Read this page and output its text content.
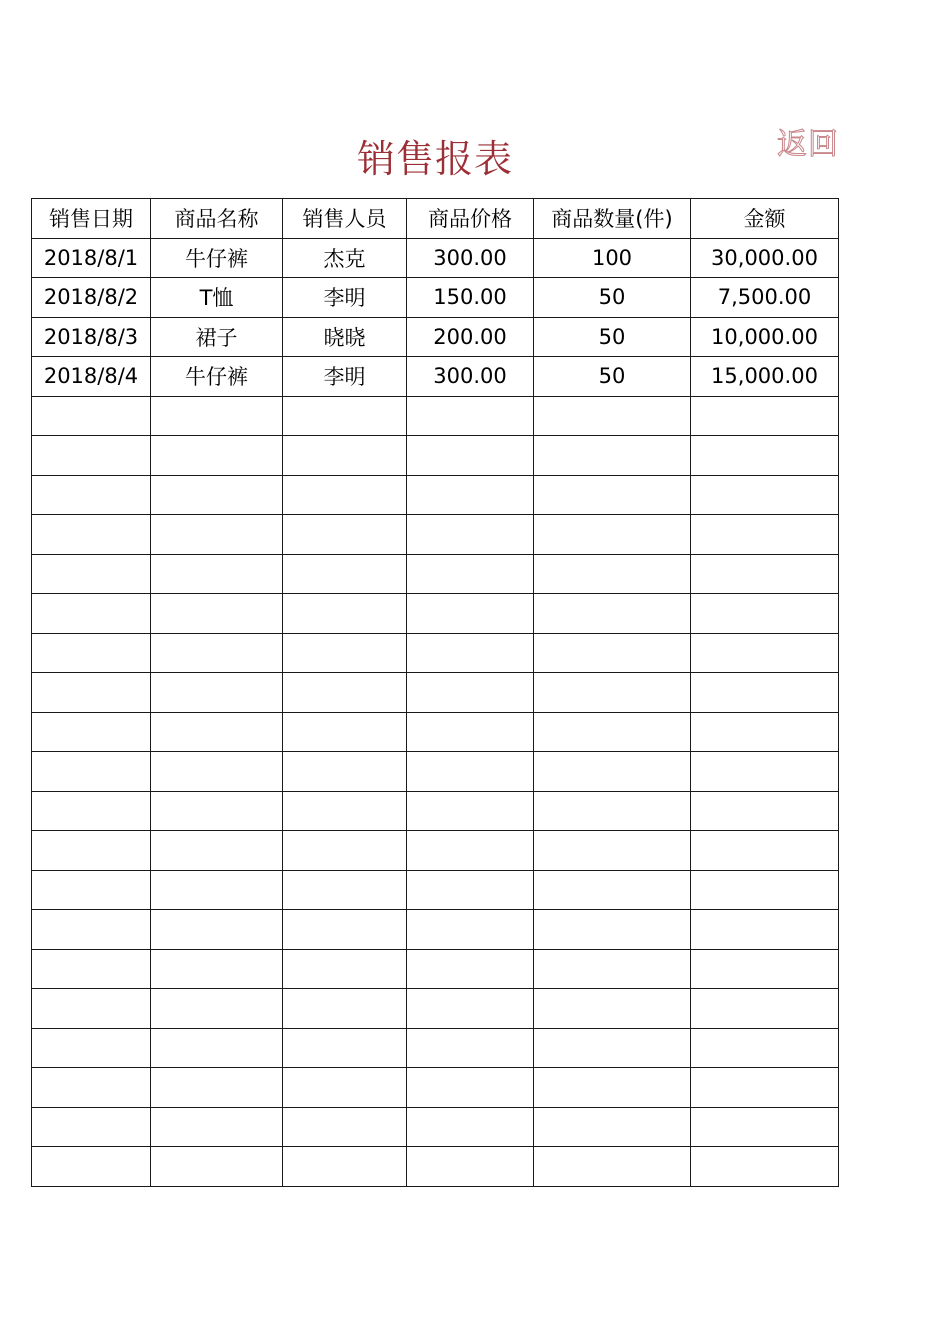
销售报表	返回
销售日期	商品名称	销售人员	商品价格	商品数量(件)	金额
2018/8/1	牛仔裤	杰克	300.00	100	30,000.00
2018/8/2	T恤	李明	150.00	50	7,500.00
2018/8/3	裙子	晓晓	200.00	50	10,000.00
2018/8/4	牛仔裤	李明	300.00	50	15,000.00
